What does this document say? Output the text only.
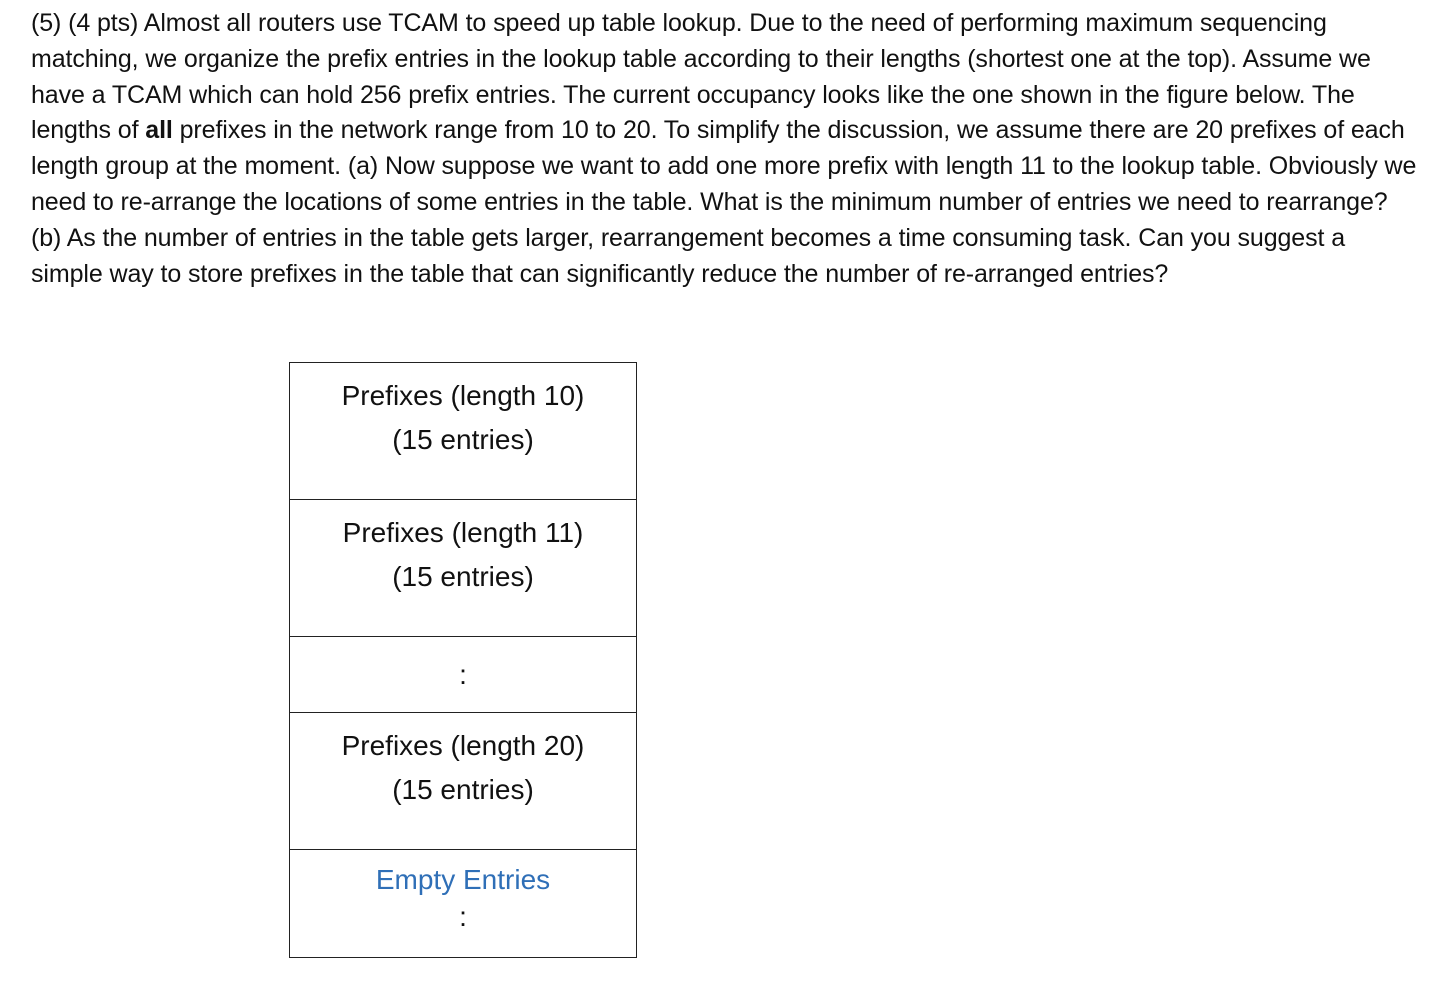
(5) (4 pts) Almost all routers use TCAM to speed up table lookup. Due to the need of performing maximum sequencing matching, we organize the prefix entries in the lookup table according to their lengths (shortest one at the top). Assume we have a TCAM which can hold 256 prefix entries. The current occupancy looks like the one shown in the figure below. The lengths of all prefixes in the network range from 10 to 20. To simplify the discussion, we assume there are 20 prefixes of each length group at the moment. (a) Now suppose we want to add one more prefix with length 11 to the lookup table. Obviously we need to re-arrange the locations of some entries in the table. What is the minimum number of entries we need to rearrange? (b) As the number of entries in the table gets larger, rearrangement becomes a time consuming task. Can you suggest a simple way to store prefixes in the table that can significantly reduce the number of re-arranged entries?

Prefixes (length 10)
(15 entries)
Prefixes (length 11)
(15 entries)
:
Prefixes (length 20)
(15 entries)
Empty Entries
:
